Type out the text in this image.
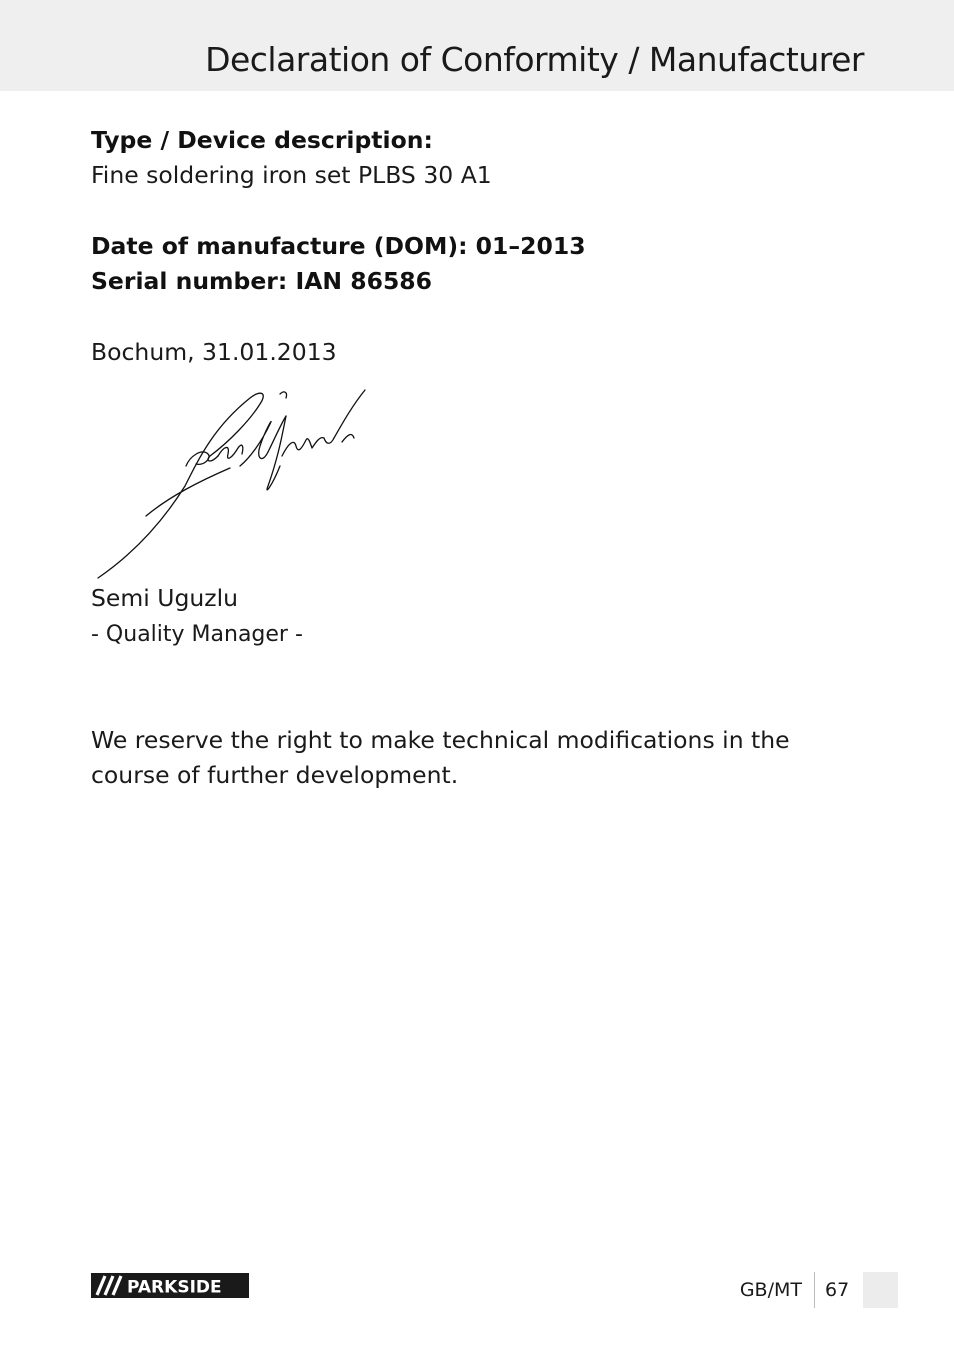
Declaration of Conformity / Manufacturer
Type / Device description:
Fine soldering iron set PLBS 30 A1
Date of manufacture (DOM): 01–2013
Serial number: IAN 86586
Bochum, 31.01.2013
Semi Uguzlu
- Quality Manager -
We reserve the right to make technical modifications in the course of further development.
PARKSIDE	GB/MT	67
